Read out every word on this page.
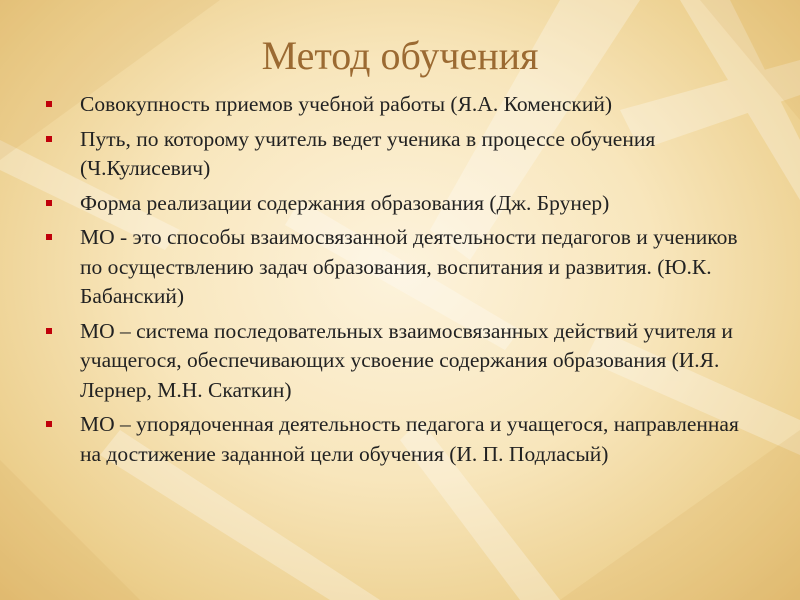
Метод обучения
Совокупность приемов учебной работы (Я.А. Коменский)
Путь, по которому учитель ведет ученика в процессе обучения (Ч.Кулисевич)
Форма реализации содержания образования (Дж. Брунер)
МО - это способы взаимосвязанной деятельности педагогов и учеников по осуществлению задач образования, воспитания и развития. (Ю.К. Бабанский)
МО – система последовательных взаимосвязанных действий учителя и учащегося, обеспечивающих усвоение содержания образования (И.Я. Лернер, М.Н. Скаткин)
МО – упорядоченная деятельность педагога и учащегося, направленная на достижение заданной цели обучения (И. П. Подласый)
